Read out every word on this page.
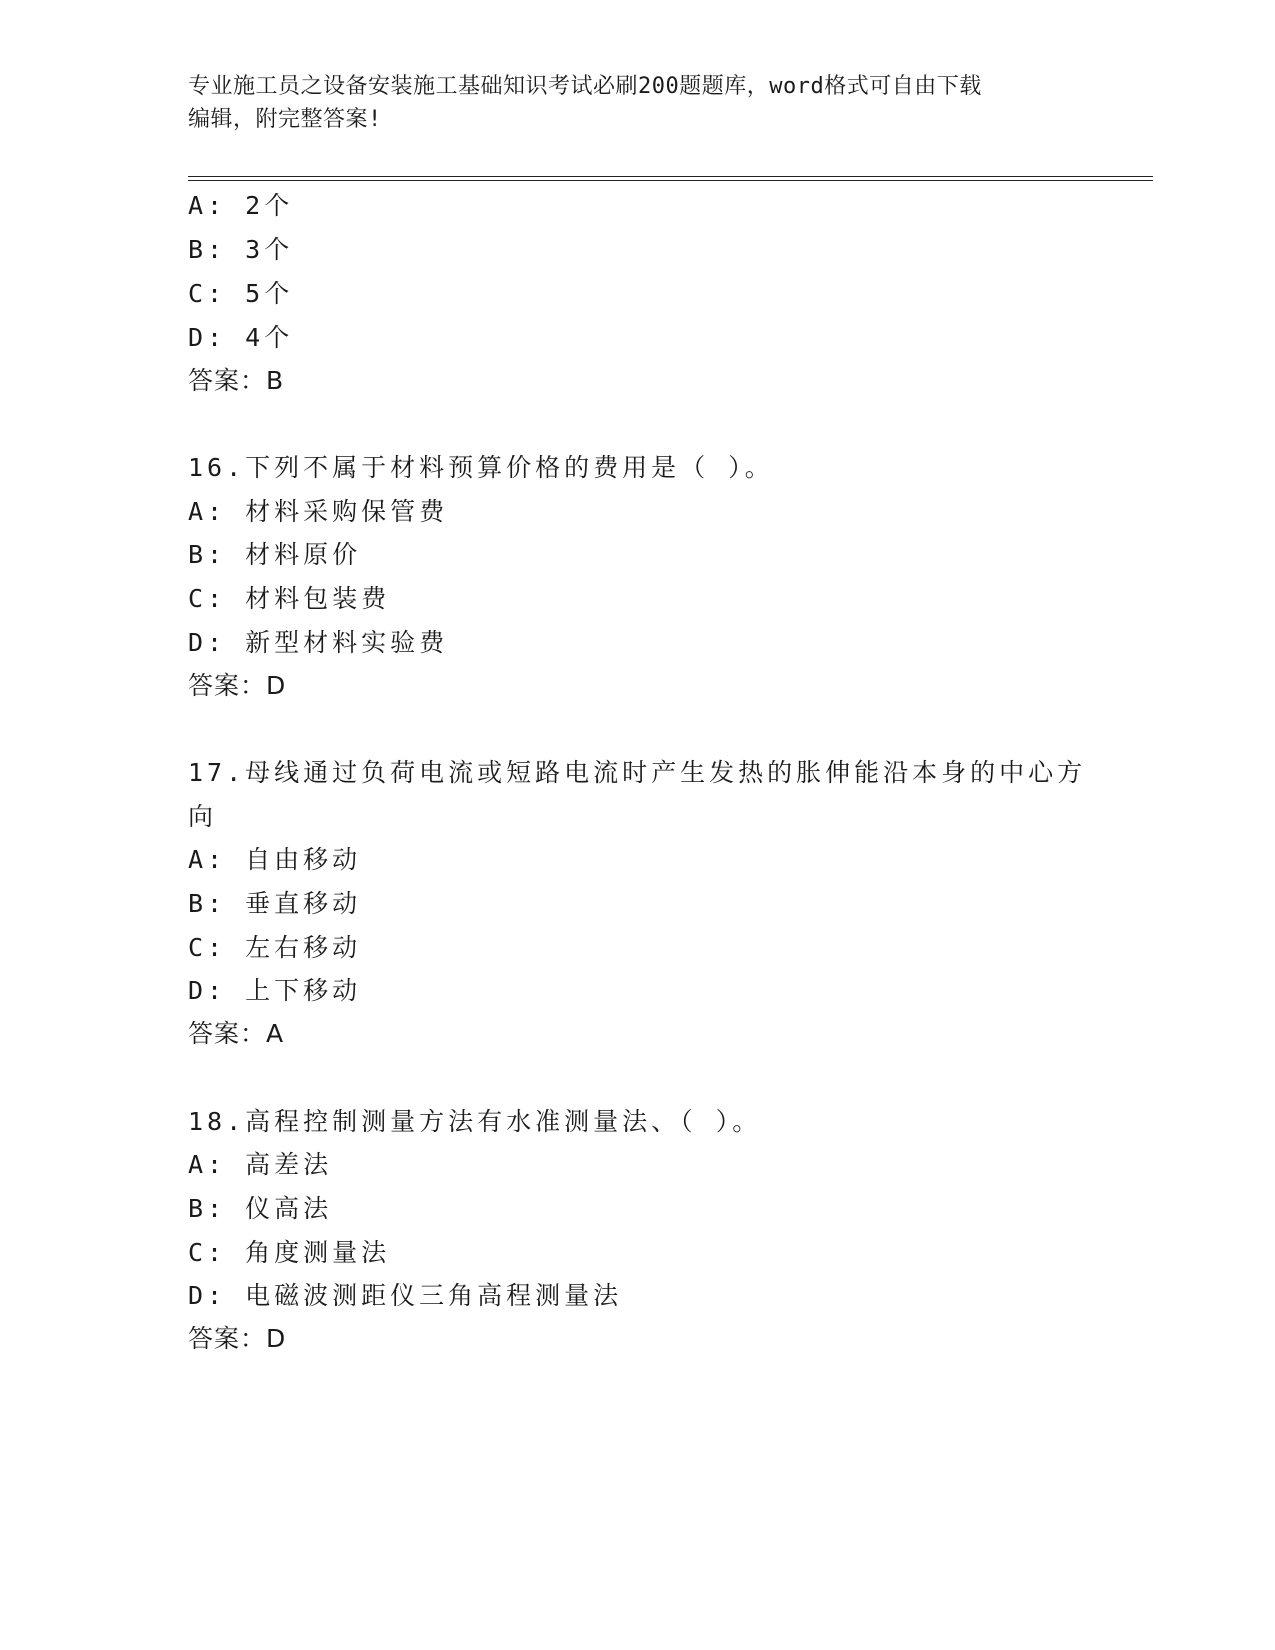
专业施工员之设备安装施工基础知识考试必刷200题题库，word格式可自由下载
编辑，附完整答案!
A: 2个
B: 3个
C: 5个
D: 4个
答案：B
16.下列不属于材料预算价格的费用是（ ）。
A: 材料采购保管费
B: 材料原价
C: 材料包装费
D: 新型材料实验费
答案：D
17.母线通过负荷电流或短路电流时产生发热的胀伸能沿本身的中心方
向
A: 自由移动
B: 垂直移动
C: 左右移动
D: 上下移动
答案：A
18.高程控制测量方法有水准测量法、（ ）。
A: 高差法
B: 仪高法
C: 角度测量法
D: 电磁波测距仪三角高程测量法
答案：D
